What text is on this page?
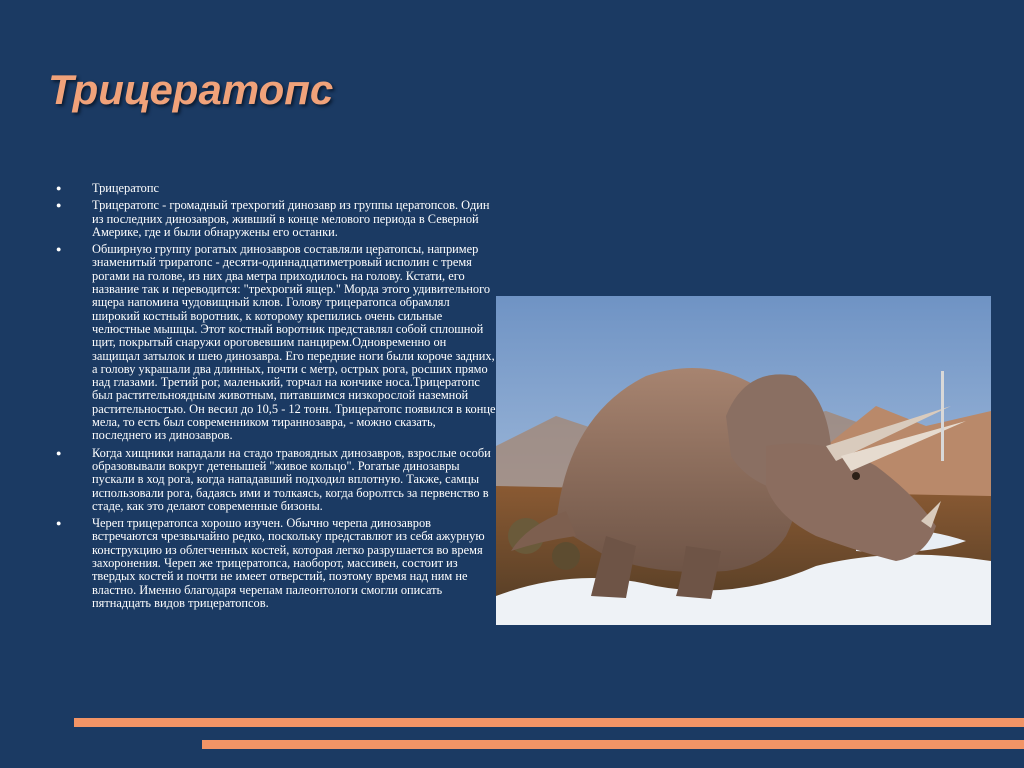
Трицератопс
● Трицератопс
● Трицератопс - громадный трехрогий динозавр из группы цератопсов. Один из последних динозавров, живший в конце мелового периода в Северной Америке, где и были обнаружены его останки.
● Обширную группу рогатых динозавров составляли цератопсы, например знаменитый триратопс - десяти-одиннадцатиметровый исполин с тремя рогами на голове, из них два метра приходилось на голову. Кстати, его название так и переводится: "трехрогий ящер." Морда этого удивительного ящера напомина чудовищный клюв. Голову трицератопса обрамлял широкий костный воротник, к которому крепились очень сильные челюстные мышцы. Этот костный воротник представлял собой сплошной щит, покрытый снаружи ороговевшим панцирем.Одновременно он защищал затылок и шею динозавра. Его передние ноги были короче задних, а голову украшали два длинных, почти с метр, острых рога, росших прямо над глазами. Третий рог, маленький, торчал на кончике носа.Трицератопс был растительноядным животным, питавшимся низкорослой наземной растительностью. Он весил до 10,5 - 12 тонн. Трицератопс появился в конце мела, то есть был современником тираннозавра, - можно сказать, последнего из динозавров.
● Когда хищники нападали на стадо травоядных динозавров, взрослые особи образовывали вокруг детенышей "живое кольцо". Рогатые динозавры пускали в ход рога, когда нападавший подходил вплотную. Также, самцы использовали рога, бадаясь ими и толкаясь, когда боролтсь за первенство в стаде, как это делают современные бизоны.
● Череп трицератопса хорошо изучен. Обычно черепа динозавров встречаются чрезвычайно редко, поскольку представлют из себя ажурную конструкцию из облегченных костей, которая легко разрушается во время захоронения. Череп же трицератопса, наоборот, массивен, состоит из твердых костей и почти не имеет отверстий, поэтому время над ним не властно. Именно благодаря черепам палеонтологи смогли описать пятнадцать видов трицератопсов.
